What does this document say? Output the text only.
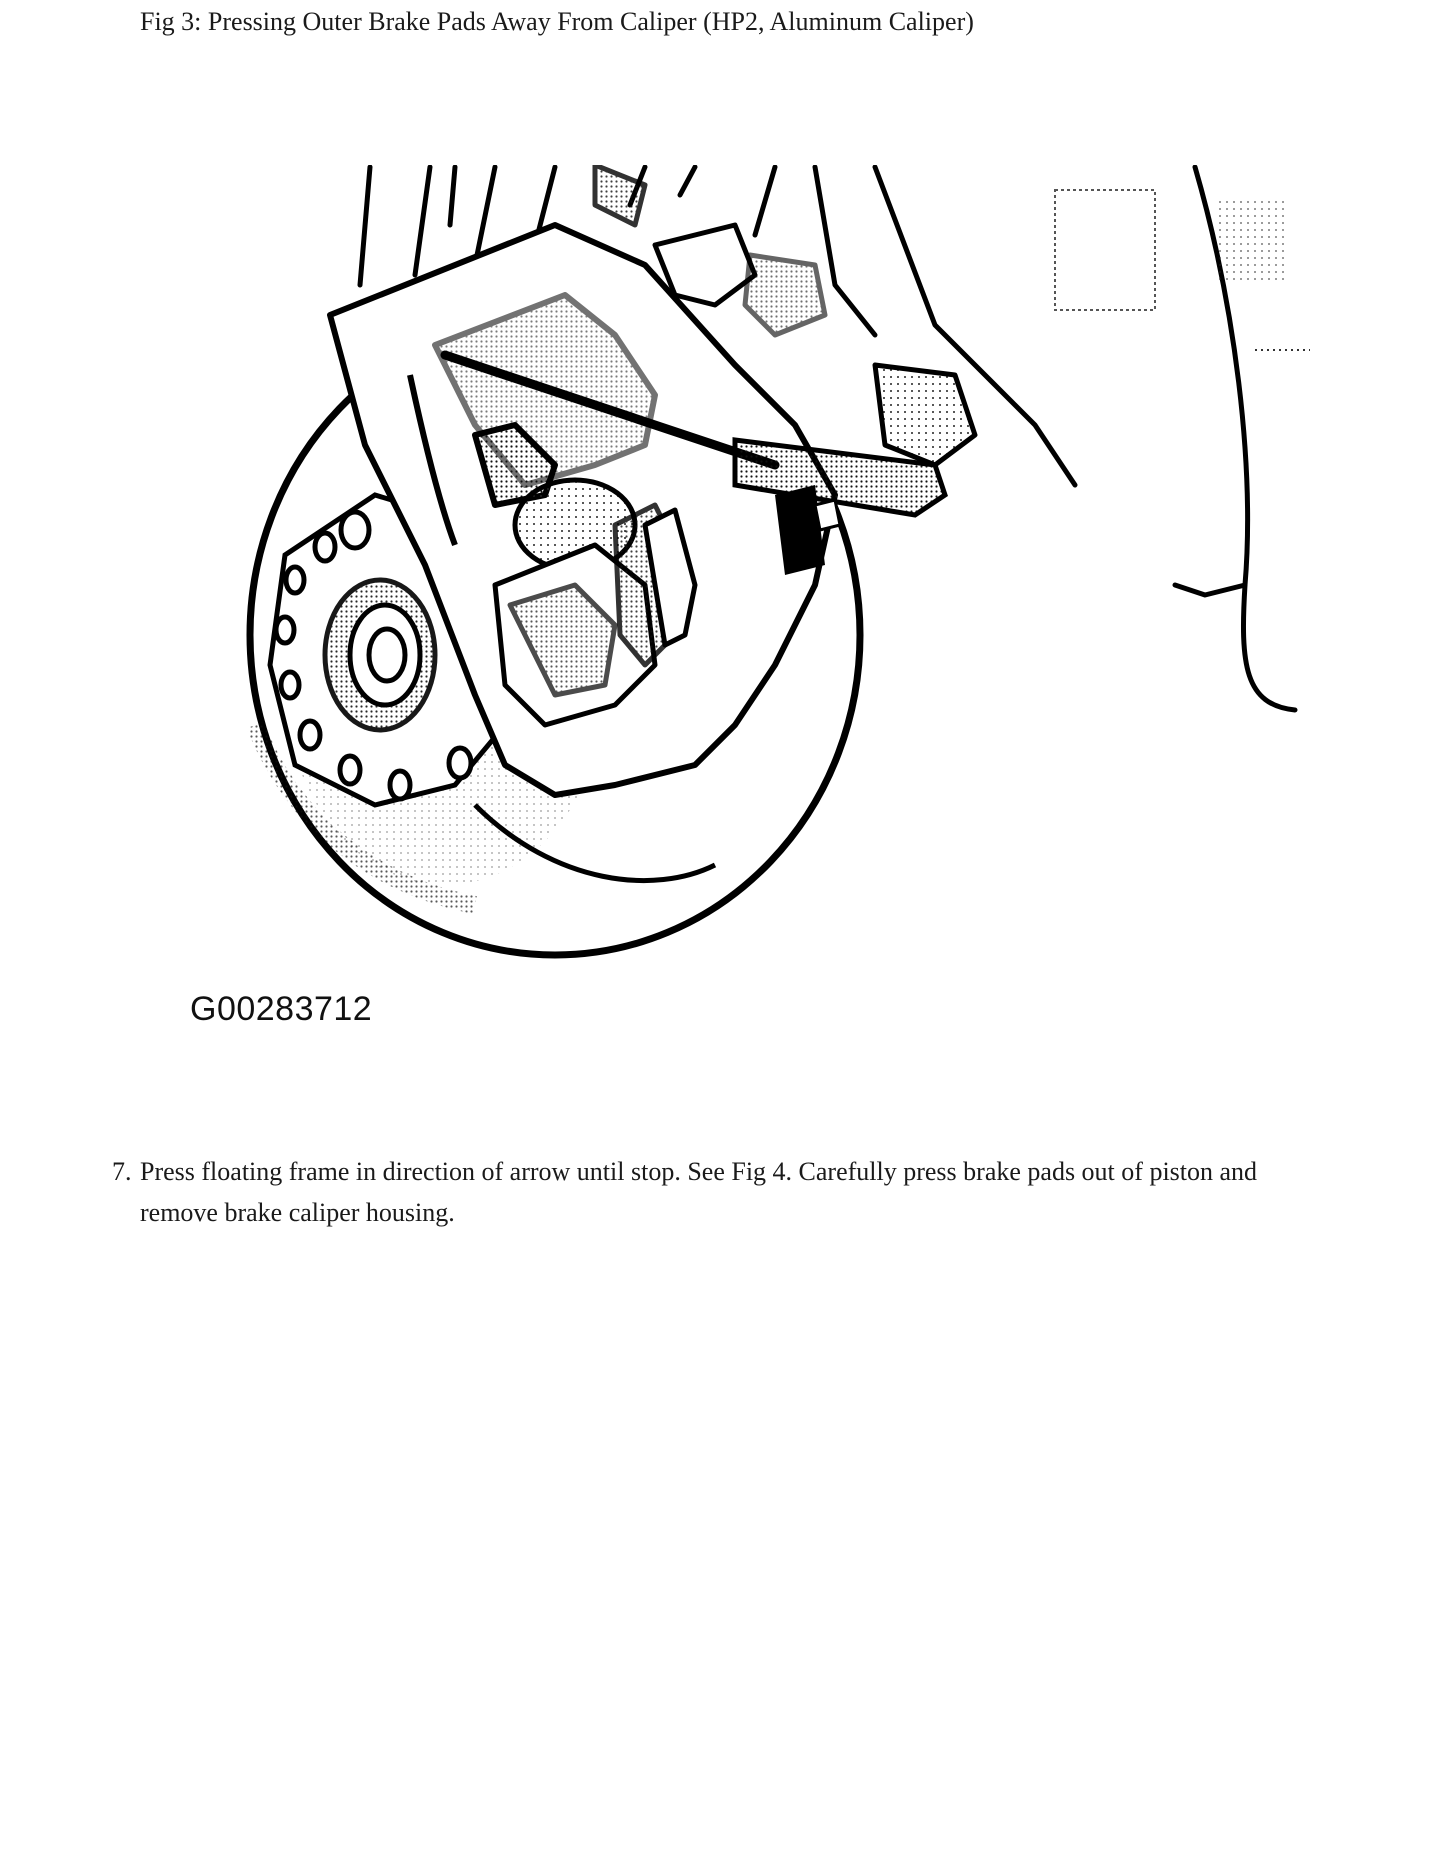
Fig 3: Pressing Outer Brake Pads Away From Caliper (HP2, Aluminum Caliper)
G00283712
7. Press floating frame in direction of arrow until stop. See Fig 4. Carefully press brake pads out of piston and remove brake caliper housing.
